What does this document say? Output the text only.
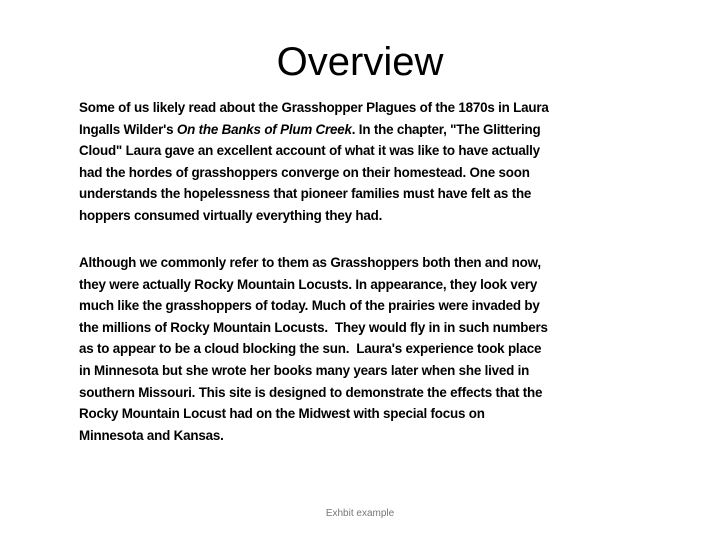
Overview
Some of us likely read about the Grasshopper Plagues of the 1870s in Laura
Ingalls Wilder's On the Banks of Plum Creek. In the chapter, "The Glittering
Cloud" Laura gave an excellent account of what it was like to have actually
had the hordes of grasshoppers converge on their homestead. One soon
understands the hopelessness that pioneer families must have felt as the
hoppers consumed virtually everything they had.
Although we commonly refer to them as Grasshoppers both then and now,
they were actually Rocky Mountain Locusts. In appearance, they look very
much like the grasshoppers of today. Much of the prairies were invaded by
the millions of Rocky Mountain Locusts.  They would fly in in such numbers
as to appear to be a cloud blocking the sun.  Laura's experience took place
in Minnesota but she wrote her books many years later when she lived in
southern Missouri. This site is designed to demonstrate the effects that the
Rocky Mountain Locust had on the Midwest with special focus on
Minnesota and Kansas.
Exhbit example
